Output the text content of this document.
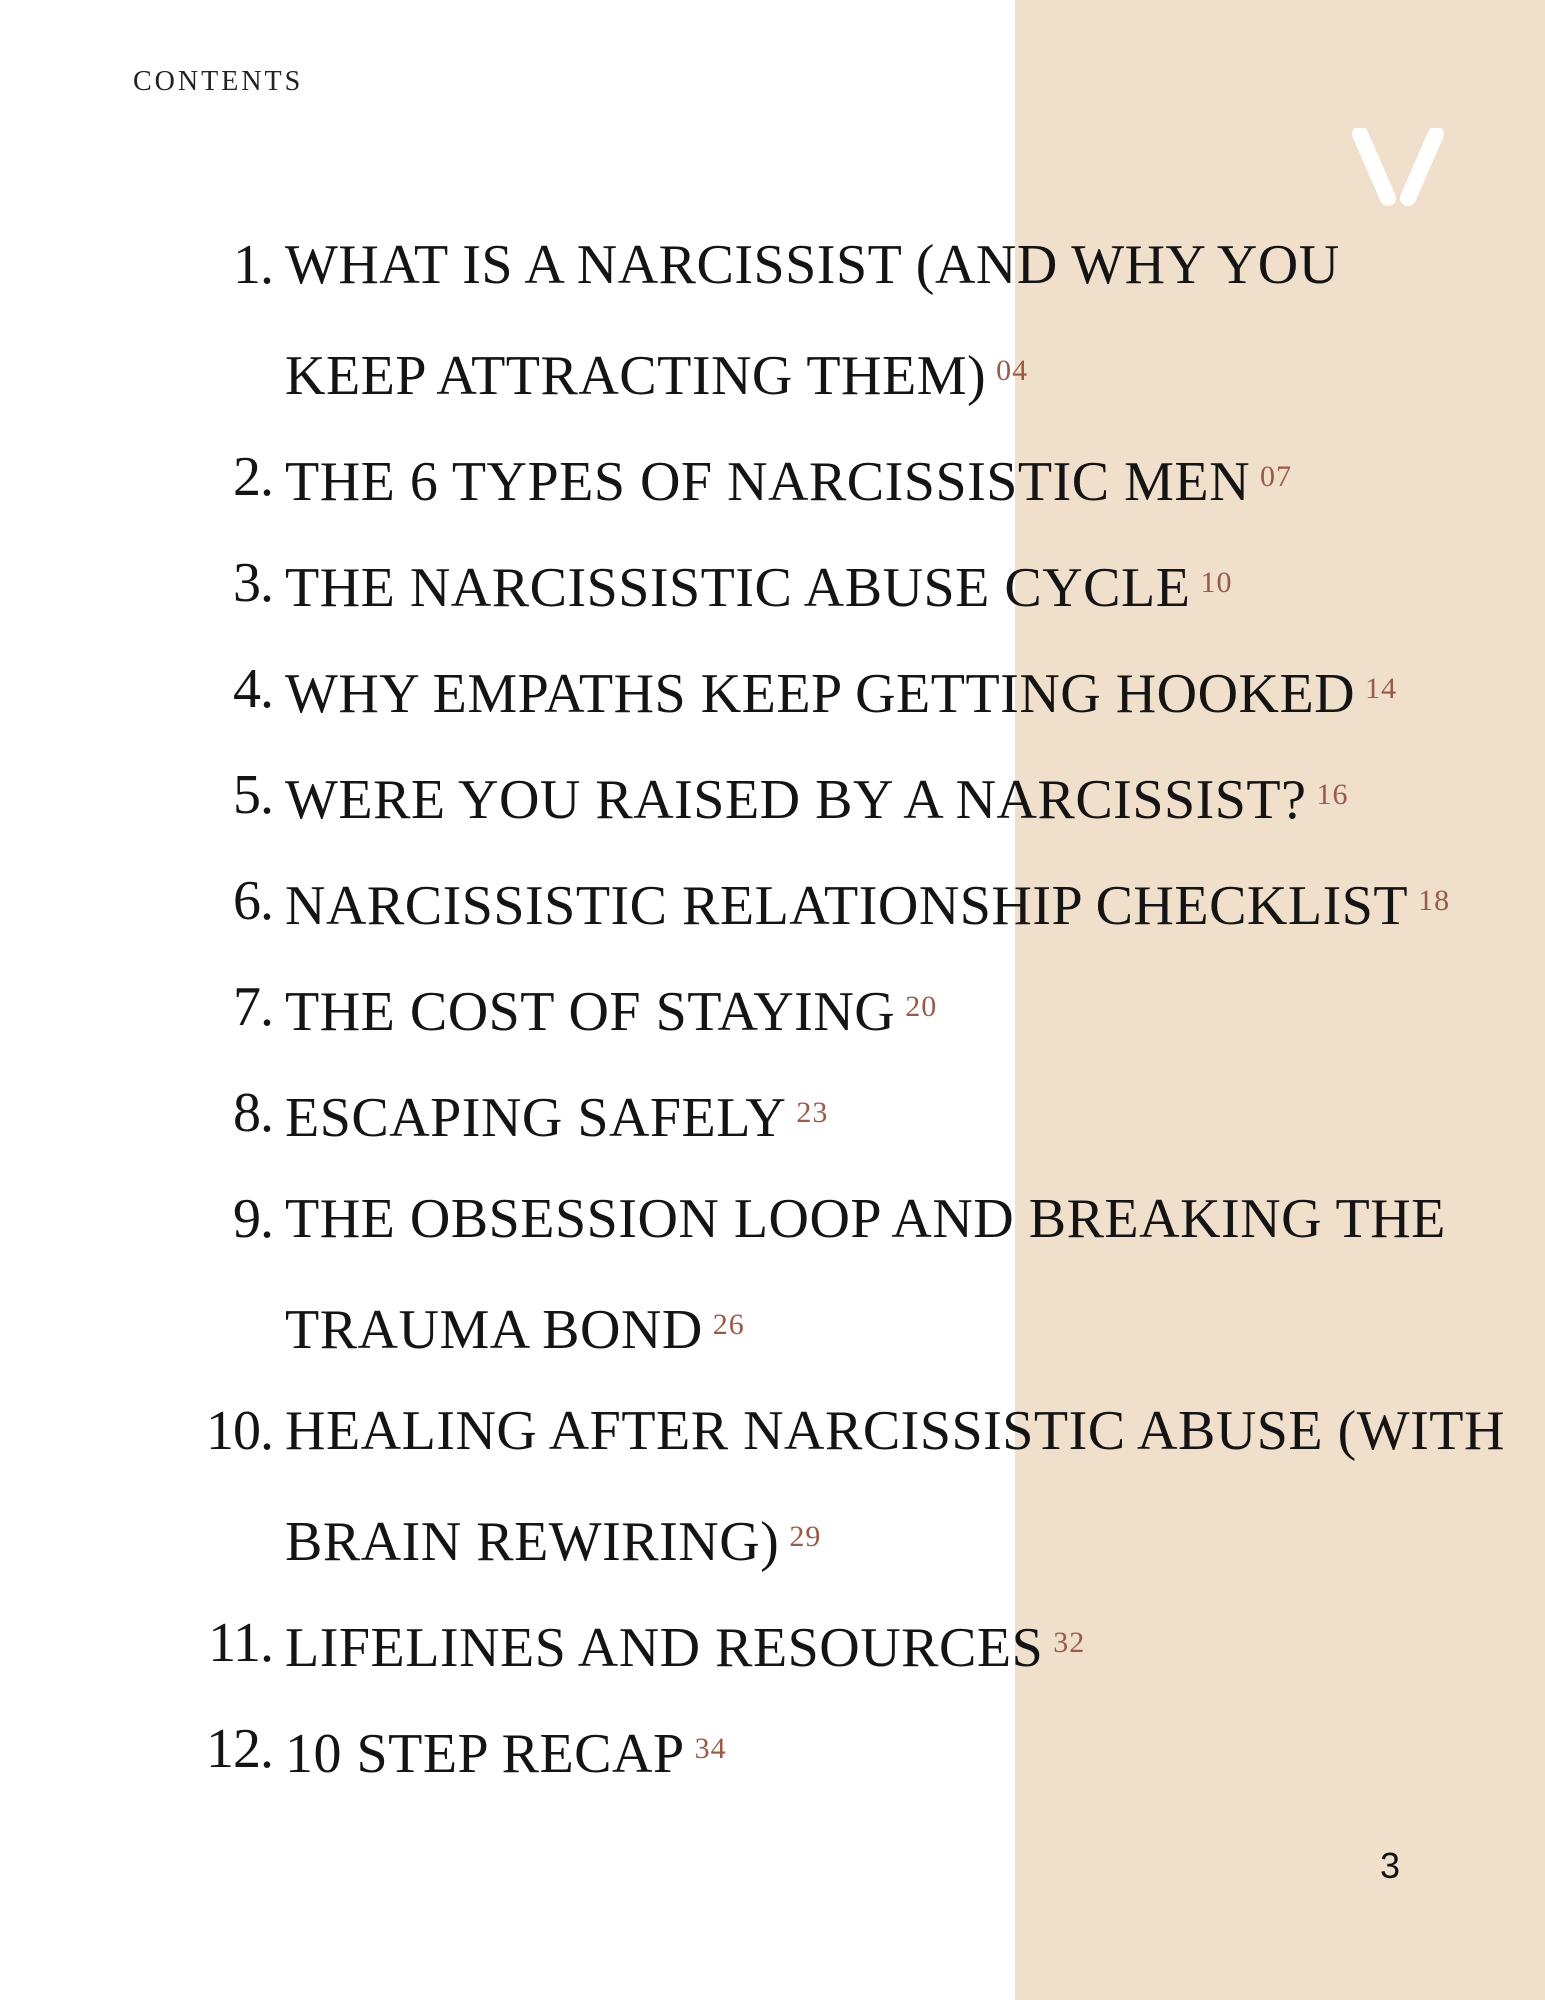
CONTENTS
1. WHAT IS A NARCISSIST (AND WHY YOU
KEEP ATTRACTING THEM) $^{04}$
2. THE 6 TYPES OF NARCISSISTIC MEN $^{07}$
3. THE NARCISSISTIC ABUSE CYCLE $^{10}$
4. WHY EMPATHS KEEP GETTING HOOKED $^{14}$
5. WERE YOU RAISED BY A NARCISSIST? $^{16}$
6. NARCISSISTIC RELATIONSHIP CHECKLIST $^{18}$
7. THE COST OF STAYING $^{20}$
8. ESCAPING SAFELY $^{23}$
9. THE OBSESSION LOOP AND BREAKING THE
TRAUMA BOND $^{26}$
10. HEALING AFTER NARCISSISTIC ABUSE (WITH
BRAIN REWIRING) $^{29}$
11. LIFELINES AND RESOURCES $^{32}$
12. 10 STEP RECAP $^{34}$
3
